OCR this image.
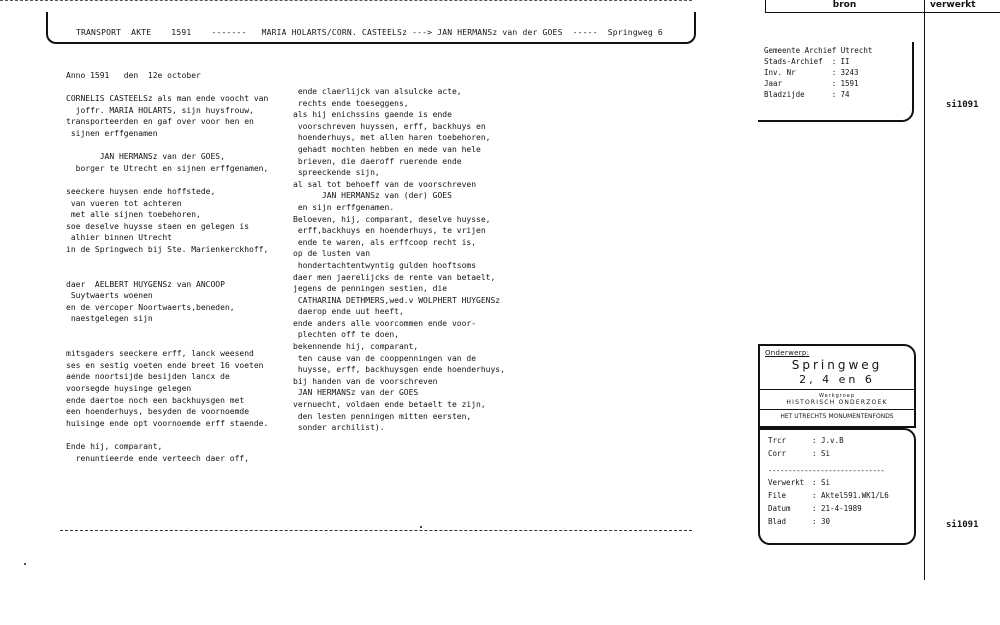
TRANSPORT  AKTE    1591    -------   MARIA HOLARTS/CORN. CASTEELSz ---> JAN HERMANSz van der GOES  -----  Springweg 6
Anno 1591   den  12e october
CORNELIS CASTEELSz als man ende voocht van
joffr. MARIA HOLARTS, sijn huysfrouw,
transporteerden en gaf over voor hen en
sijnen erffgenamen
JAN HERMANSz van der GOES,
borger te Utrecht en sijnen erffgenamen,
seeckere huysen ende hoffstede,
van vueren tot achteren
met alle sijnen toebehoren,
soe deselve huysse staen en gelegen is
alhier binnen Utrecht
in de Springwech bij Ste. Marienkerckhoff,
daer  AELBERT HUYGENSz van ANCOOP
Suytwaerts woenen
en de vercoper Noortwaerts,beneden,
naestgelegen sijn
mitsgaders seeckere erff, lanck weesend
ses en sestig voeten ende breet 16 voeten
aende noortsijde besijden lancx de
voorsegde huysinge gelegen
ende daertoe noch een backhuysgen met
een hoenderhuys, besyden de voornoemde
huisinge ende opt voornoemde erff staende.
Ende hij, comparant,
renuntieerde ende verteech daer off,
ende claerlijck van alsulcke acte,
rechts ende toeseggens,
als hij enichssins gaende is ende
voorschreven huyssen, erff, backhuys en
hoenderhuys, met allen haren toebehoren,
gehadt mochten hebben en mede van hele
brieven, die daeroff ruerende ende
spreeckende sijn,
al sal tot behoeff van de voorschreven
JAN HERMANSz van (der) GOES
en sijn erffgenamen.
Beloeven, hij, comparant, deselve huysse,
erff,backhuys en hoenderhuys, te vrijen
ende te waren, als erffcoop recht is,
op de lusten van
hondertachtentwyntig gulden hooftsoms
daer men jaerelijcks de rente van betaelt,
jegens de penningen sestien, die
CATHARINA DETHMERS,wed.v WOLPHERT HUYGENSz
daerop ende uut heeft,
ende anders alle voorcommen ende voor-
plechten off te doen,
bekennende hij, comparant,
ten cause van de cooppenningen van de
huysse, erff, backhuysgen ende hoenderhuys,
bij handen van de voorschreven
JAN HERMANSz van der GOES
vernuecht, voldaen ende betaelt te zijn,
den lesten penningen mitten eersten,
sonder archilist).
bron	verwerkt
Gemeente Archief Utrecht
Stads-Archief  : II
Inv. Nr        : 3243
Jaar           : 1591
Bladzijde      : 74
si1091
si1091
Onderwerp:
Springweg
2, 4 en 6
Werkgroep
HISTORISCH ONDERZOEK
HET UTRECHTS MONUMENTENFONDS
Trcr	: J.v.B
Corr	: Si
-----------------------------
Verwerkt : Si
File	: Aktel591.WK1/L6
Datum	: 21-4-1989
Blad	: 30
